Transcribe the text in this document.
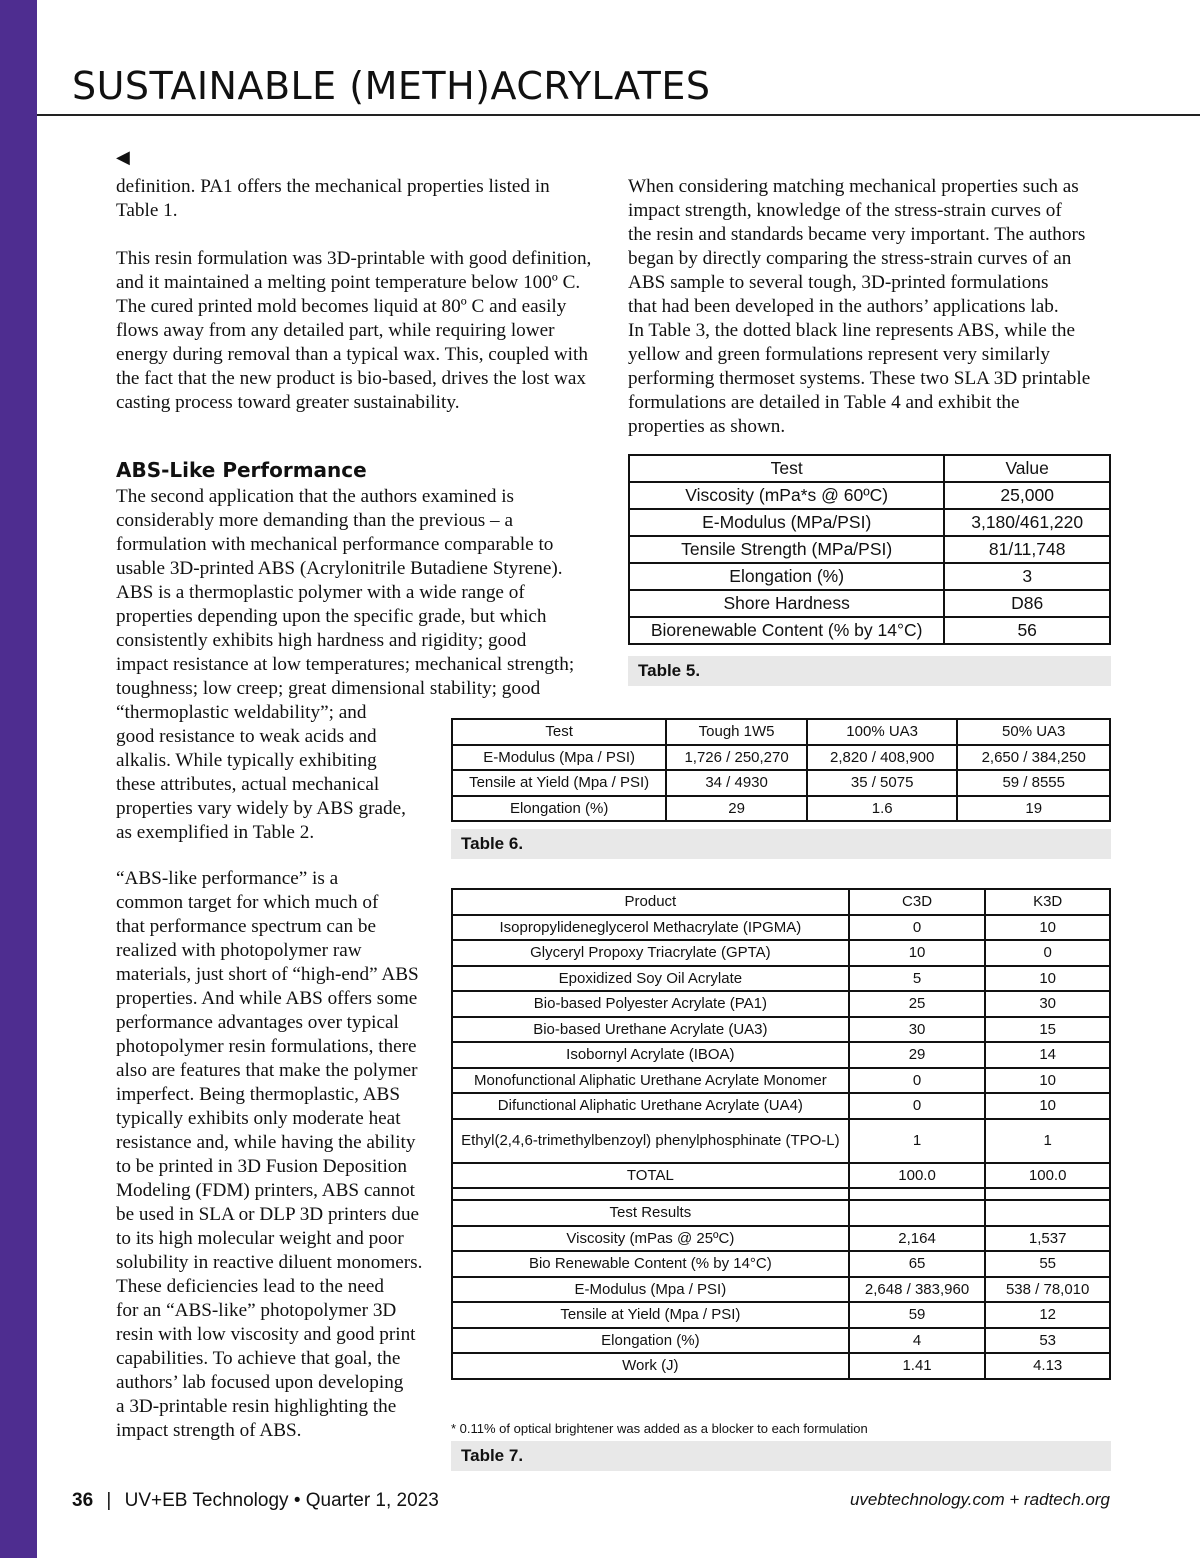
SUSTAINABLE (METH)ACRYLATES
◀

definition. PA1 offers the mechanical properties listed in Table 1.

This resin formulation was 3D-printable with good definition, and it maintained a melting point temperature below 100º C. The cured printed mold becomes liquid at 80º C and easily flows away from any detailed part, while requiring lower energy during removal than a typical wax. This, coupled with the fact that the new product is bio-based, drives the lost wax casting process toward greater sustainability.

ABS-Like Performance
The second application that the authors examined is
considerably more demanding than the previous – a
formulation with mechanical performance comparable to
usable 3D-printed ABS (Acrylonitrile Butadiene Styrene).
ABS is a thermoplastic polymer with a wide range of
properties depending upon the specific grade, but which
consistently exhibits high hardness and rigidity; good
impact resistance at low temperatures; mechanical strength;
toughness; low creep; great dimensional stability; good
“thermoplastic weldability”; and
good resistance to weak acids and
alkalis. While typically exhibiting
these attributes, actual mechanical
properties vary widely by ABS grade,
as exemplified in Table 2.
“ABS-like performance” is a
common target for which much of
that performance spectrum can be
realized with photopolymer raw
materials, just short of “high-end” ABS
properties. And while ABS offers some
performance advantages over typical
photopolymer resin formulations, there
also are features that make the polymer
imperfect. Being thermoplastic, ABS
typically exhibits only moderate heat
resistance and, while having the ability
to be printed in 3D Fusion Deposition
Modeling (FDM) printers, ABS cannot
be used in SLA or DLP 3D printers due
to its high molecular weight and poor
solubility in reactive diluent monomers.
These deficiencies lead to the need
for an “ABS-like” photopolymer 3D
resin with low viscosity and good print
capabilities. To achieve that goal, the
authors’ lab focused upon developing
a 3D-printable resin highlighting the
impact strength of ABS.
When considering matching mechanical properties such as
impact strength, knowledge of the stress-strain curves of
the resin and standards became very important. The authors
began by directly comparing the stress-strain curves of an
ABS sample to several tough, 3D-printed formulations
that had been developed in the authors’ applications lab.
In Table 3, the dotted black line represents ABS, while the
yellow and green formulations represent very similarly
performing thermoset systems. These two SLA 3D printable
formulations are detailed in Table 4 and exhibit the
properties as shown.
Test	Value
Viscosity (mPa*s @ 60ºC)	25,000
E-Modulus (MPa/PSI)	3,180/461,220
Tensile Strength (MPa/PSI)	81/11,748
Elongation (%)	3
Shore Hardness	D86
Biorenewable Content (% by 14°C)	56
Table 5.
Test	Tough 1W5	100% UA3	50% UA3
E-Modulus (Mpa / PSI)	1,726 / 250,270	2,820 / 408,900	2,650 / 384,250
Tensile at Yield (Mpa / PSI)	34 / 4930	35 / 5075	59 / 8555
Elongation (%)	29	1.6	19
Table 6.
Product	C3D	K3D
Isopropylideneglycerol Methacrylate (IPGMA)	0	10
Glyceryl Propoxy Triacrylate (GPTA)	10	0
Epoxidized Soy Oil Acrylate	5	10
Bio-based Polyester Acrylate (PA1)	25	30
Bio-based Urethane Acrylate (UA3)	30	15
Isobornyl Acrylate (IBOA)	29	14
Monofunctional Aliphatic Urethane Acrylate Monomer	0	10
Difunctional Aliphatic Urethane Acrylate (UA4)	0	10
Ethyl(2,4,6-trimethylbenzoyl) phenylphosphinate (TPO-L)	1	1
TOTAL	100.0	100.0

Test Results		
Viscosity (mPas @ 25ºC)	2,164	1,537
Bio Renewable Content (% by 14°C)	65	55
E-Modulus (Mpa / PSI)	2,648 / 383,960	538 / 78,010
Tensile at Yield (Mpa / PSI)	59	12
Elongation (%)	4	53
Work (J)	1.41	4.13
* 0.11% of optical brightener was added as a blocker to each formulation
Table 7.
36 | UV+EB Technology • Quarter 1, 2023	uvebtechnology.com + radtech.org
